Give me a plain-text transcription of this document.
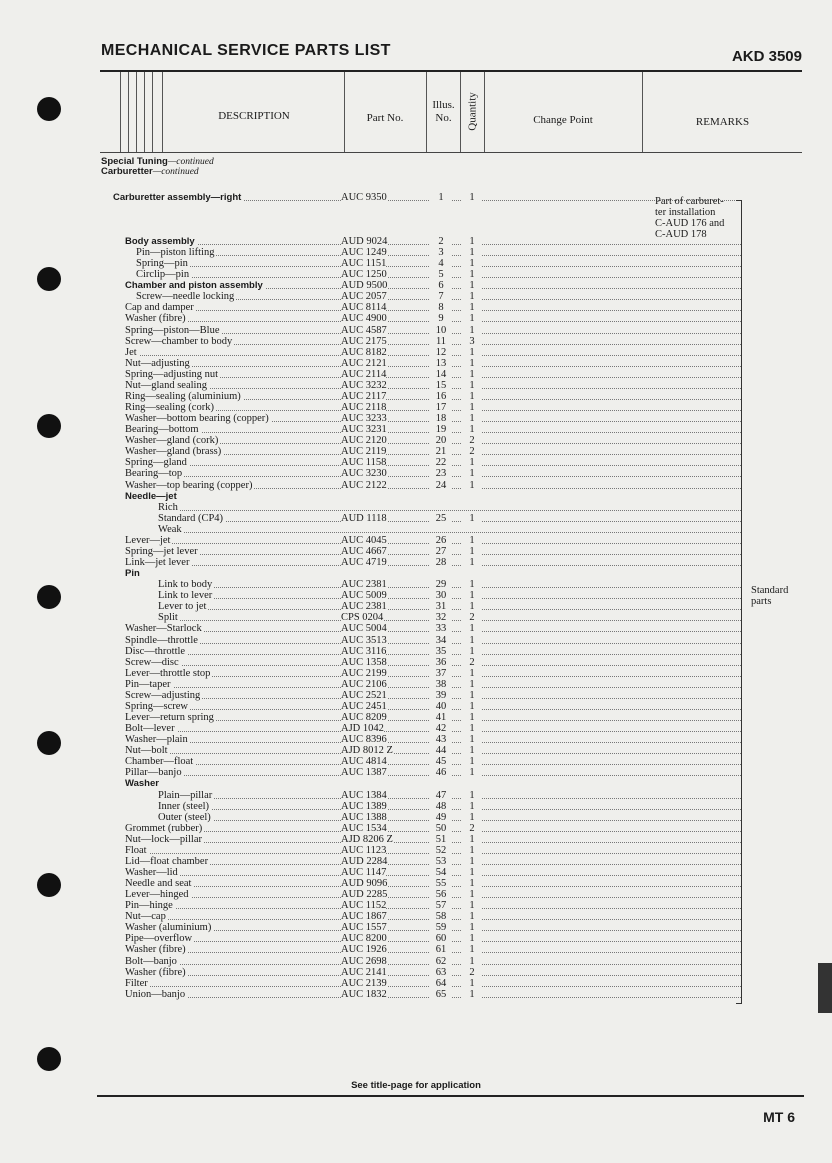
MECHANICAL SERVICE PARTS LIST	AKD 3509
DESCRIPTION	Part No.
Illus. No.	Quantity	Change Point	REMARKS
Special Tuning—continued
Carburetter—continued
Carburetter assembly—right	AUC 9350	1	1
Body assembly	AUD 9024	2	1
Pin—piston lifting	AUC 1249	3	1
Spring—pin	AUC 1151	4	1
Circlip—pin	AUC 1250	5	1
Chamber and piston assembly	AUD 9500	6	1
Screw—needle locking	AUC 2057	7	1
Cap and damper	AUC 8114	8	1
Washer (fibre)	AUC 4900	9	1
Spring—piston—Blue	AUC 4587	10	1
Screw—chamber to body	AUC 2175	11	3
Jet	AUC 8182	12	1
Nut—adjusting	AUC 2121	13	1
Spring—adjusting nut	AUC 2114	14	1
Nut—gland sealing	AUC 3232	15	1
Ring—sealing (aluminium)	AUC 2117	16	1
Ring—sealing (cork)	AUC 2118	17	1
Washer—bottom bearing (copper)	AUC 3233	18	1
Bearing—bottom	AUC 3231	19	1
Washer—gland (cork)	AUC 2120	20	2
Washer—gland (brass)	AUC 2119	21	2
Spring—gland	AUC 1158	22	1
Bearing—top	AUC 3230	23	1
Washer—top bearing (copper)	AUC 2122	24	1
Needle—jet
Rich
Standard (CP4)	AUD 1118	25	1
Weak
Lever—jet	AUC 4045	26	1
Spring—jet lever	AUC 4667	27	1
Link—jet lever	AUC 4719	28	1
Pin
Link to body	AUC 2381	29	1
Link to lever	AUC 5009	30	1
Lever to jet	AUC 2381	31	1
Split	CPS 0204	32	2
Washer—Starlock	AUC 5004	33	1
Spindle—throttle	AUC 3513	34	1
Disc—throttle	AUC 3116	35	1
Screw—disc	AUC 1358	36	2
Lever—throttle stop	AUC 2199	37	1
Pin—taper	AUC 2106	38	1
Screw—adjusting	AUC 2521	39	1
Spring—screw	AUC 2451	40	1
Lever—return spring	AUC 8209	41	1
Bolt—lever	AJD 1042	42	1
Washer—plain	AUC 8396	43	1
Nut—bolt	AJD 8012 Z	44	1
Chamber—float	AUC 4814	45	1
Pillar—banjo	AUC 1387	46	1
Washer
Plain—pillar	AUC 1384	47	1
Inner (steel)	AUC 1389	48	1
Outer (steel)	AUC 1388	49	1
Grommet (rubber)	AUC 1534	50	2
Nut—lock—pillar	AJD 8206 Z	51	1
Float	AUC 1123	52	1
Lid—float chamber	AUD 2284	53	1
Washer—lid	AUC 1147	54	1
Needle and seat	AUD 9096	55	1
Lever—hinged	AUD 2285	56	1
Pin—hinge	AUC 1152	57	1
Nut—cap	AUC 1867	58	1
Washer (aluminium)	AUC 1557	59	1
Pipe—overflow	AUC 8200	60	1
Washer (fibre)	AUC 1926	61	1
Bolt—banjo	AUC 2698	62	1
Washer (fibre)	AUC 2141	63	2
Filter	AUC 2139	64	1
Union—banjo	AUC 1832	65	1
Part of carburet-
ter installation
C-AUD 176 and
C-AUD 178
Standard
parts
See title-page for application
MT 6
